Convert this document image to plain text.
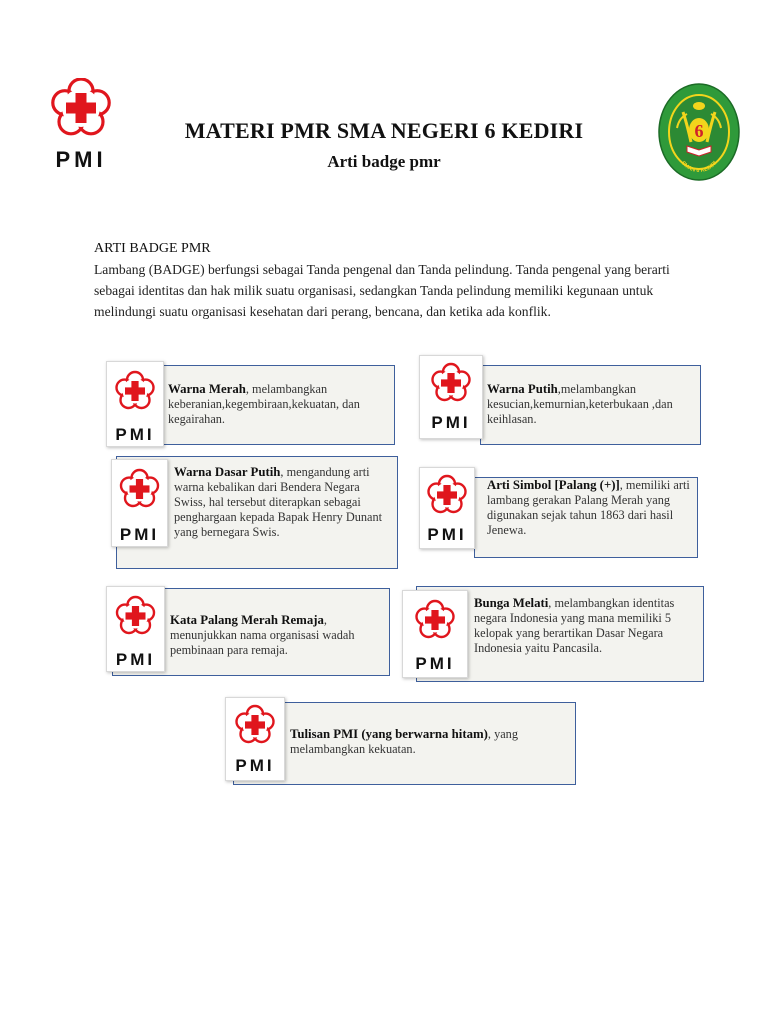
PMI
MATERI PMR SMA NEGERI 6 KEDIRI
Arti badge pmr
6
SMAN 6 KEDIRI
ARTI BADGE PMR
Lambang (BADGE) berfungsi sebagai Tanda pengenal dan Tanda pelindung. Tanda pengenal yang berarti sebagai identitas dan hak milik suatu organisasi, sedangkan Tanda pelindung memiliki kegunaan untuk melindungi suatu organisasi kesehatan dari perang, bencana, dan ketika ada konflik.
PMI
Warna Merah, melambangkan keberanian,kegembiraan,kekuatan, dan kegairahan.	PMI
Warna Putih,melambangkan kesucian,kemurnian,keterbukaan ,dan keihlasan.
PMI
Warna Dasar Putih, mengandung arti warna kebalikan dari Bendera Negara Swiss, hal tersebut diterapkan sebagai penghargaan kepada Bapak Henry Dunant yang bernegara Swis.	PMI
Arti Simbol [Palang (+)], memiliki arti lambang gerakan Palang Merah yang digunakan sejak tahun 1863 dari hasil Jenewa.
PMI
Kata Palang Merah Remaja, menunjukkan nama organisasi wadah pembinaan para remaja.
PMI
Bunga Melati, melambangkan identitas negara Indonesia yang mana memiliki 5 kelopak yang berartikan Dasar Negara Indonesia yaitu Pancasila.
PMI
Tulisan PMI (yang berwarna hitam), yang melambangkan kekuatan.
